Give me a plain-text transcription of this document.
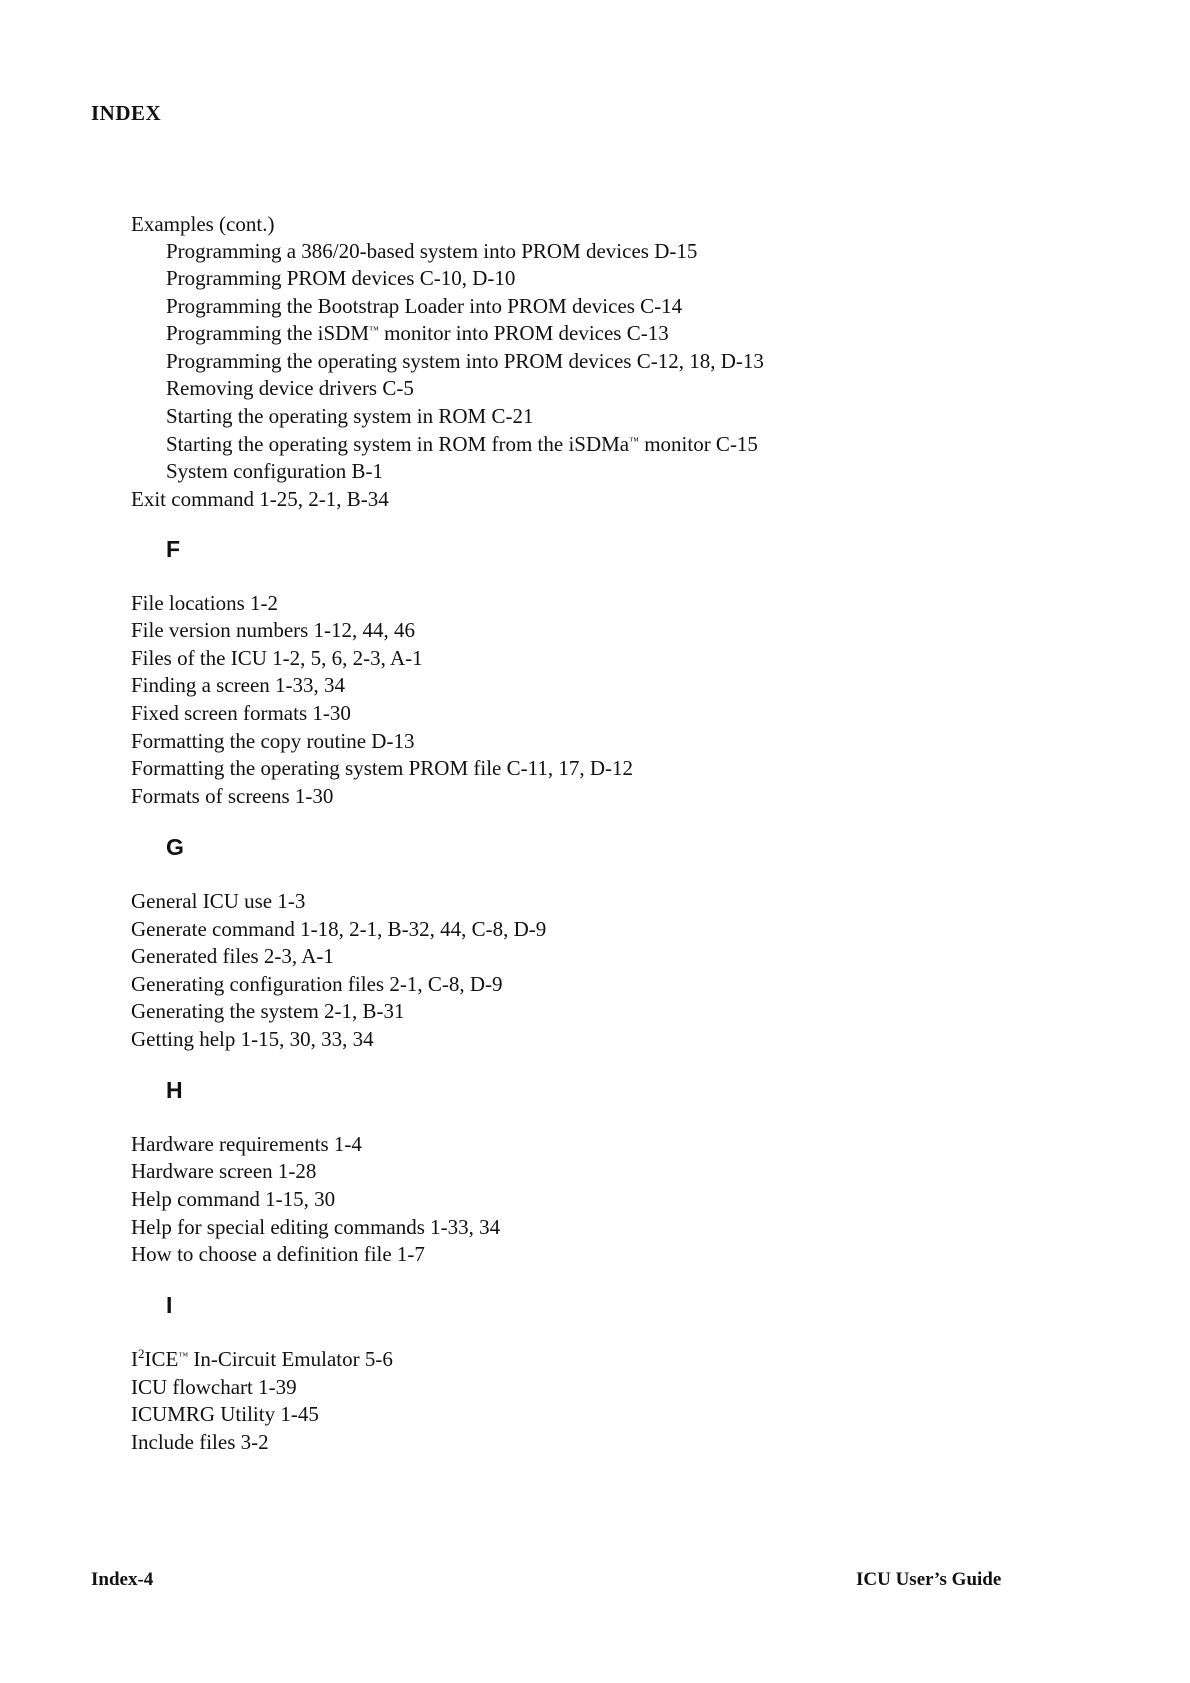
INDEX
Examples (cont.)
Programming a 386/20-based system into PROM devices D-15
Programming PROM devices C-10, D-10
Programming the Bootstrap Loader into PROM devices C-14
Programming the iSDM™ monitor into PROM devices C-13
Programming the operating system into PROM devices C-12, 18, D-13
Removing device drivers C-5
Starting the operating system in ROM C-21
Starting the operating system in ROM from the iSDMa™ monitor C-15
System configuration B-1
Exit command 1-25, 2-1, B-34
F
File locations 1-2
File version numbers 1-12, 44, 46
Files of the ICU 1-2, 5, 6, 2-3, A-1
Finding a screen 1-33, 34
Fixed screen formats 1-30
Formatting the copy routine D-13
Formatting the operating system PROM file C-11, 17, D-12
Formats of screens 1-30
G
General ICU use 1-3
Generate command 1-18, 2-1, B-32, 44, C-8, D-9
Generated files 2-3, A-1
Generating configuration files 2-1, C-8, D-9
Generating the system 2-1, B-31
Getting help 1-15, 30, 33, 34
H
Hardware requirements 1-4
Hardware screen 1-28
Help command 1-15, 30
Help for special editing commands 1-33, 34
How to choose a definition file 1-7
I
$I^2ICE™$ In-Circuit Emulator 5-6
ICU flowchart 1-39
ICUMRG Utility 1-45
Include files 3-2
Index-4	ICU User’s Guide
